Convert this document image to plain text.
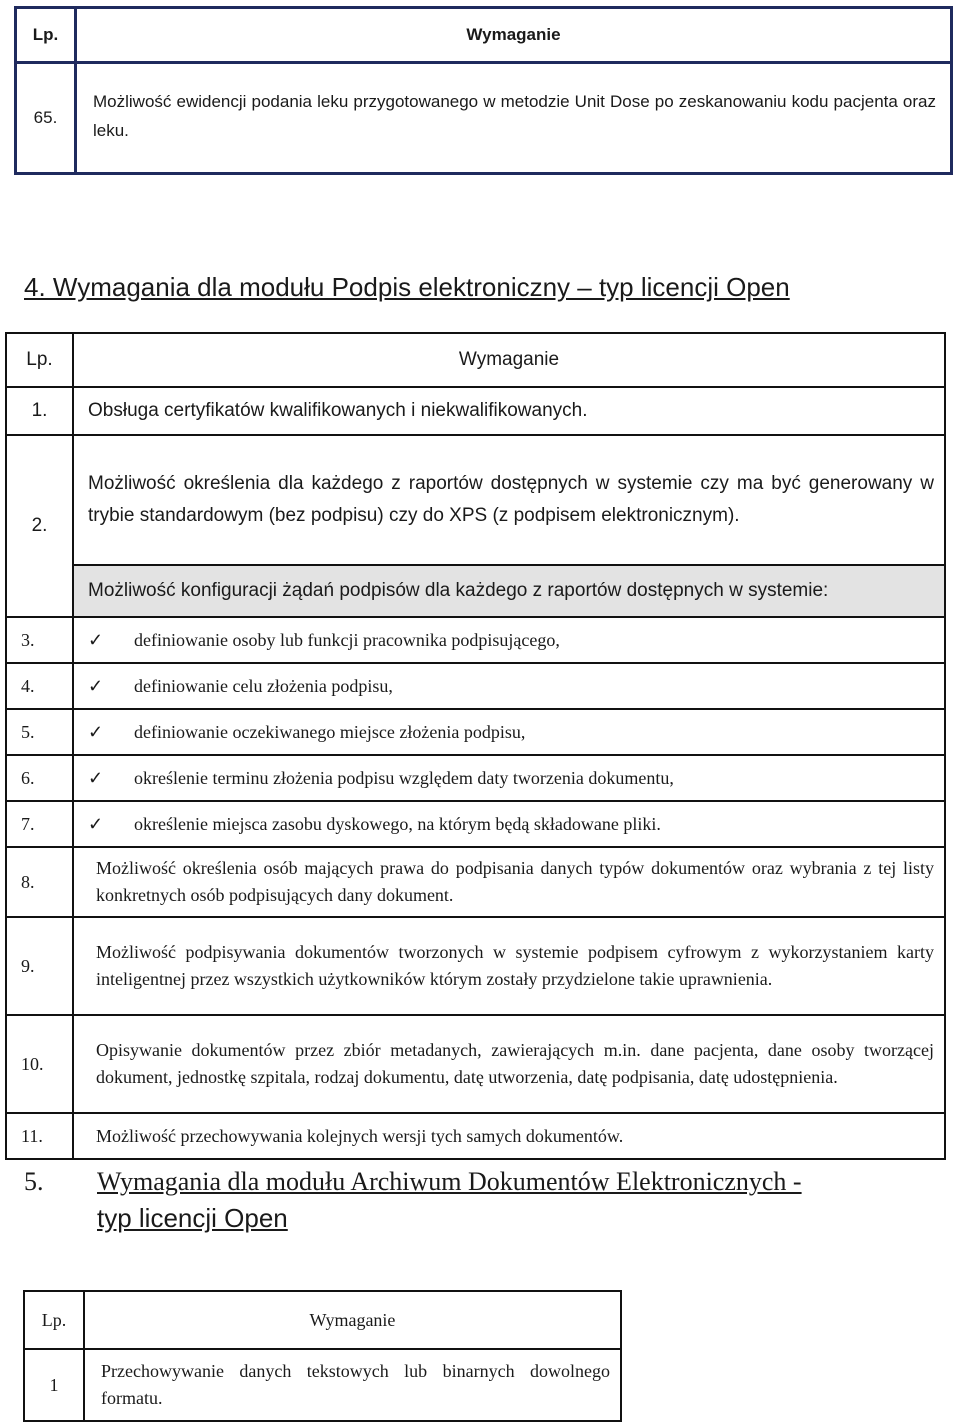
Lp.	Wymaganie
65.	Możliwość ewidencji podania leku przygotowanego w metodzie Unit Dose po zeskanowaniu kodu pacjenta oraz leku.
4. Wymagania dla modułu Podpis elektroniczny – typ licencji Open
Lp.	Wymaganie
1.	Obsługa certyfikatów kwalifikowanych i niekwalifikowanych.
2.	Możliwość określenia dla każdego z raportów dostępnych w systemie czy ma być generowany w trybie standardowym (bez podpisu) czy do XPS (z podpisem elektronicznym).
	Możliwość konfiguracji żądań podpisów dla każdego z raportów dostępnych w systemie:
3.	✓ definiowanie osoby lub funkcji pracownika podpisującego,
4.	✓ definiowanie celu złożenia podpisu,
5.	✓ definiowanie oczekiwanego miejsce złożenia podpisu,
6.	✓ określenie terminu złożenia podpisu względem daty tworzenia dokumentu,
7.	✓ określenie miejsca zasobu dyskowego, na którym będą składowane pliki.
8.	Możliwość określenia osób mających prawa do podpisania danych typów dokumentów oraz wybrania z tej listy konkretnych osób podpisujących dany dokument.
9.	Możliwość podpisywania dokumentów tworzonych w systemie podpisem cyfrowym z wykorzystaniem karty inteligentnej przez wszystkich użytkowników którym zostały przydzielone takie uprawnienia.
10.	Opisywanie dokumentów przez zbiór metadanych, zawierających m.in. dane pacjenta, dane osoby tworzącej dokument, jednostkę szpitala, rodzaj dokumentu, datę utworzenia, datę podpisania, datę udostępnienia.
11.	Możliwość przechowywania kolejnych wersji tych samych dokumentów.
5. Wymagania dla modułu Archiwum Dokumentów Elektronicznych -
typ licencji Open
Lp.	Wymaganie
1	Przechowywanie danych tekstowych lub binarnych dowolnego formatu.
